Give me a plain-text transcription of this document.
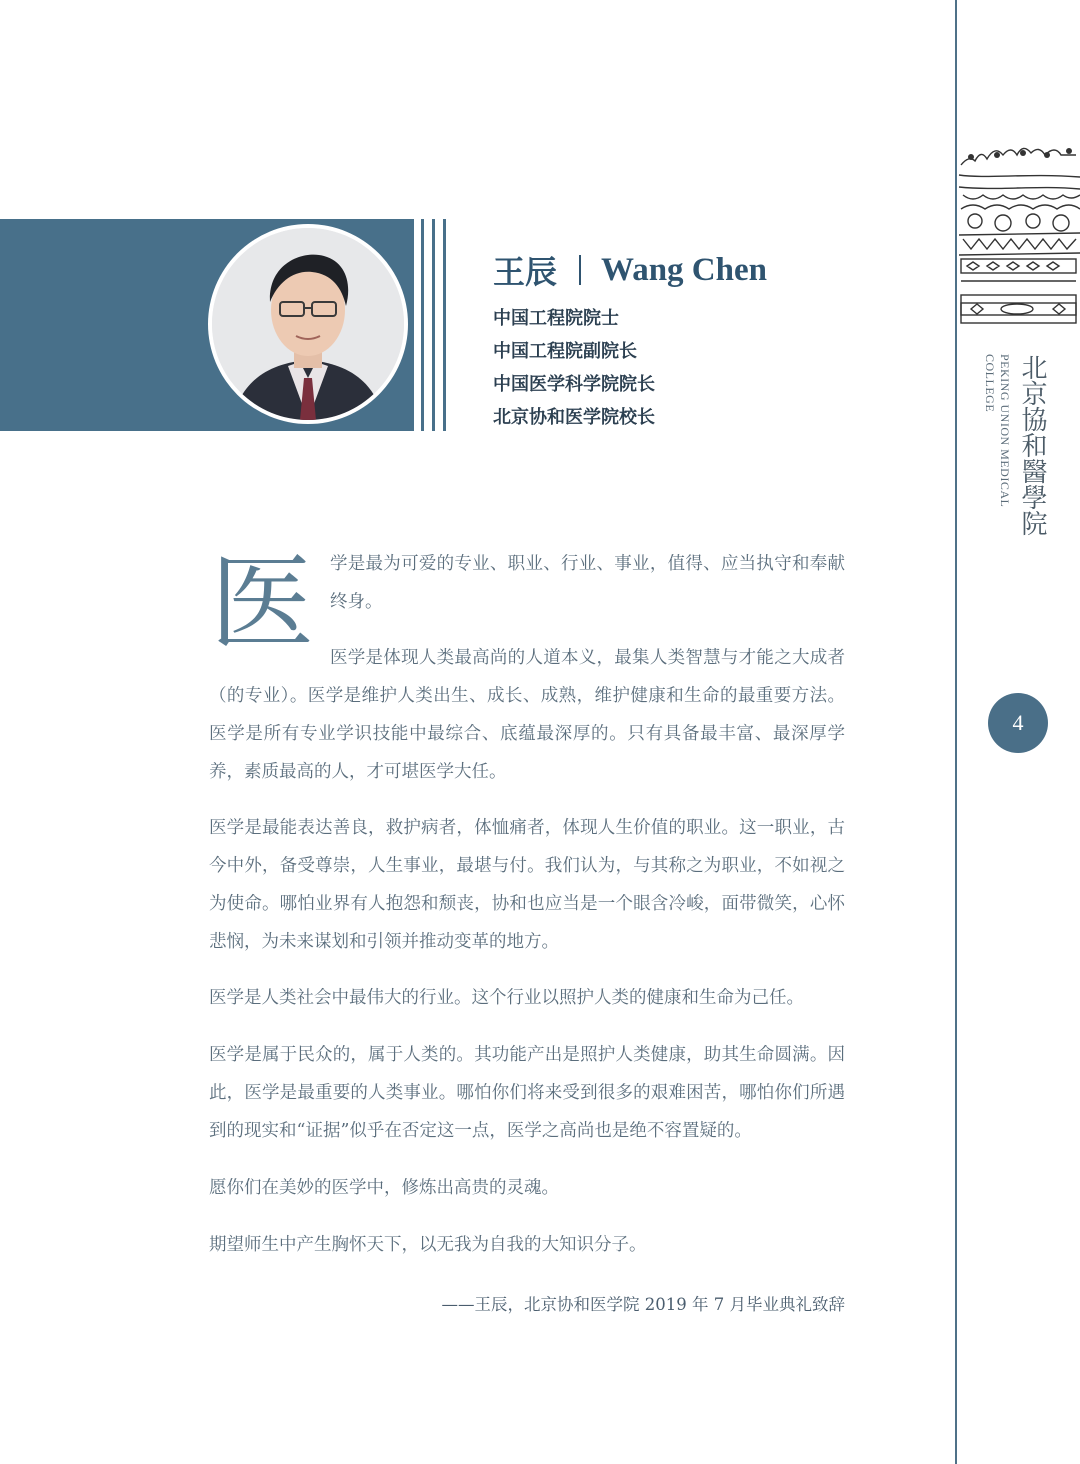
PEKING UNION MEDICAL COLLEGE 北京協和醫學院
4
王辰 Wang Chen
中国工程院院士
中国工程院副院长
中国医学科学院院长
北京协和医学院校长
医 学是最为可爱的专业、职业、行业、事业，值得、应当执守和奉献终身。
医学是体现人类最高尚的人道本义，最集人类智慧与才能之大成者（的专业）。医学是维护人类出生、成长、成熟，维护健康和生命的最重要方法。医学是所有专业学识技能中最综合、底蕴最深厚的。只有具备最丰富、最深厚学养，素质最高的人，才可堪医学大任。
医学是最能表达善良，救护病者，体恤痛者，体现人生价值的职业。这一职业，古今中外，备受尊崇，人生事业，最堪与付。我们认为，与其称之为职业，不如视之为使命。哪怕业界有人抱怨和颓丧，协和也应当是一个眼含冷峻，面带微笑，心怀悲悯，为未来谋划和引领并推动变革的地方。
医学是人类社会中最伟大的行业。这个行业以照护人类的健康和生命为己任。
医学是属于民众的，属于人类的。其功能产出是照护人类健康，助其生命圆满。因此，医学是最重要的人类事业。哪怕你们将来受到很多的艰难困苦，哪怕你们所遇到的现实和“证据”似乎在否定这一点，医学之高尚也是绝不容置疑的。
愿你们在美妙的医学中，修炼出高贵的灵魂。
期望师生中产生胸怀天下，以无我为自我的大知识分子。
——王辰，北京协和医学院 2019 年 7 月毕业典礼致辞
